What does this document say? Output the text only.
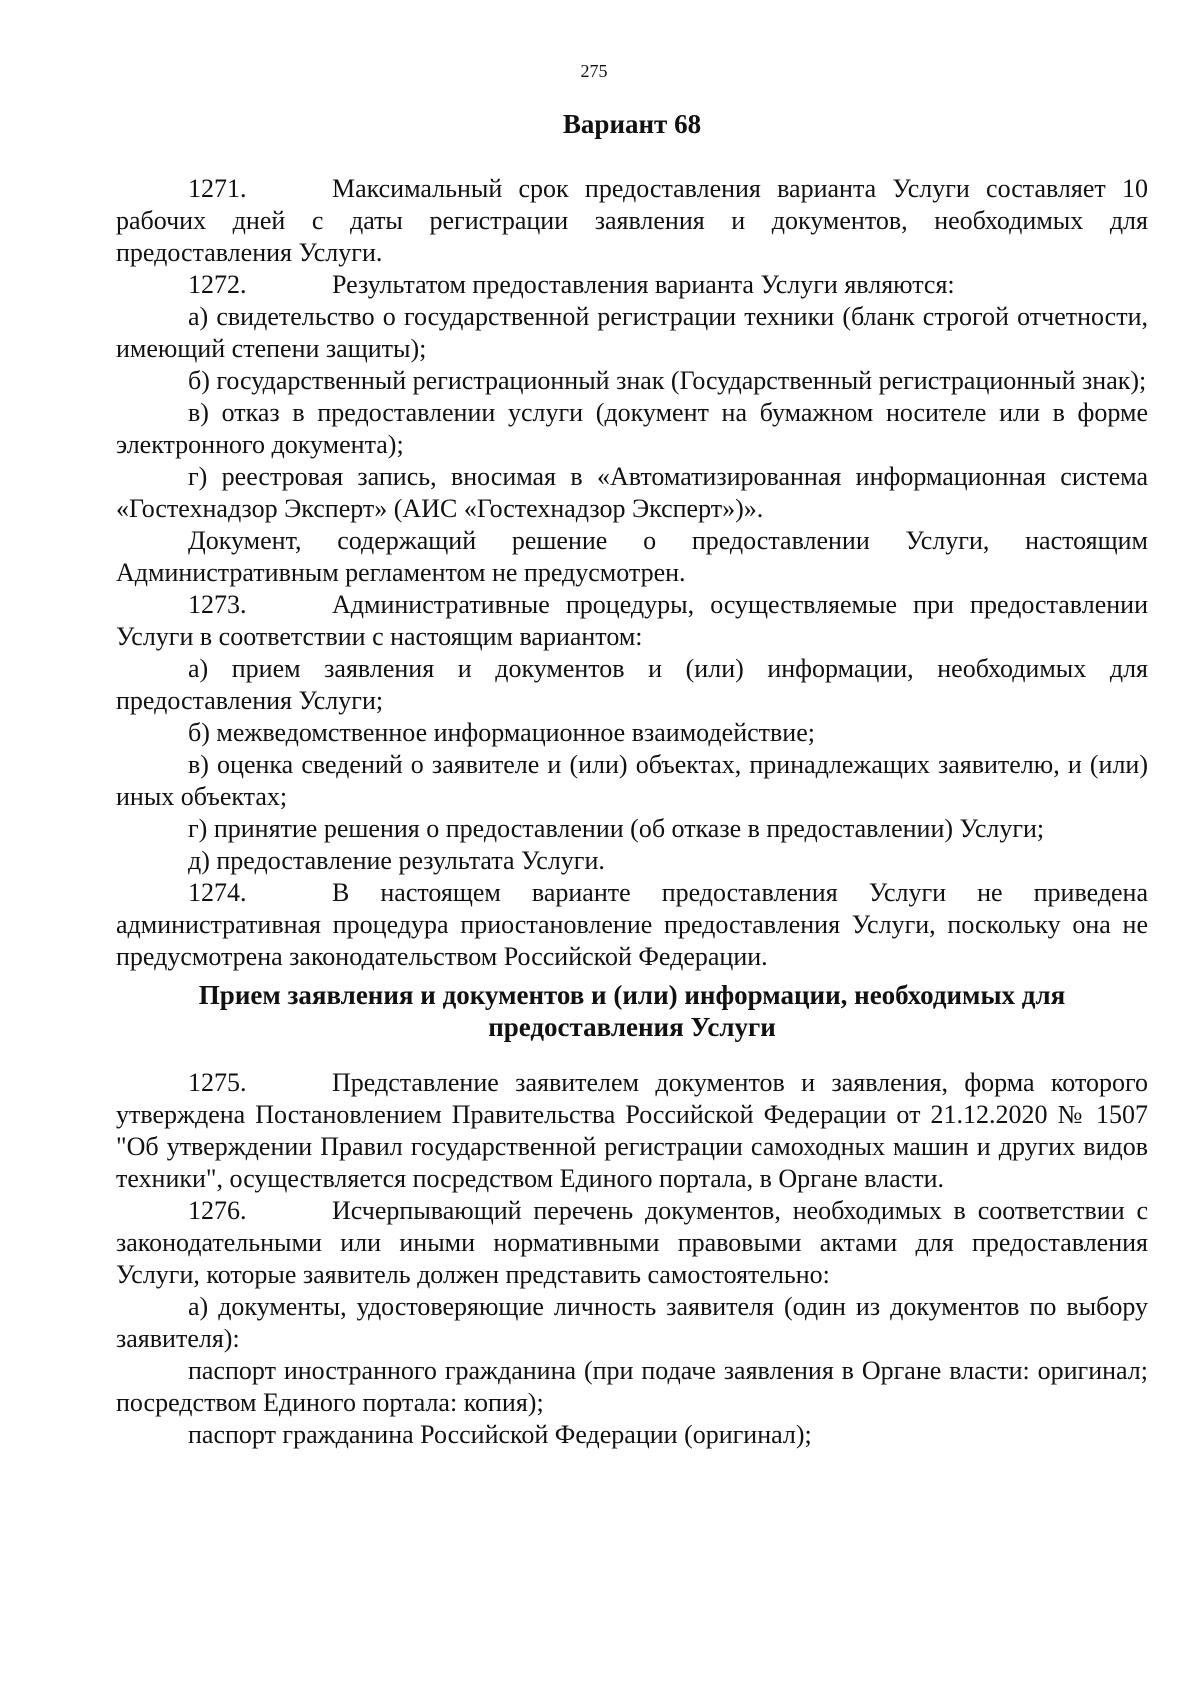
275
Вариант 68

1271.	Максимальный срок предоставления варианта Услуги составляет 10 рабочих дней с даты регистрации заявления и документов, необходимых для предоставления Услуги.

1272.	Результатом предоставления варианта Услуги являются:

а) свидетельство о государственной регистрации техники (бланк строгой отчетности, имеющий степени защиты);

б) государственный регистрационный знак (Государственный регистрационный знак);

в) отказ в предоставлении услуги (документ на бумажном носителе или в форме электронного документа);

г) реестровая запись, вносимая в «Автоматизированная информационная система «Гостехнадзор Эксперт» (АИС «Гостехнадзор Эксперт»)».

Документ, содержащий решение о предоставлении Услуги, настоящим Административным регламентом не предусмотрен.

1273.	Административные процедуры, осуществляемые при предоставлении Услуги в соответствии с настоящим вариантом:

а) прием заявления и документов и (или) информации, необходимых для предоставления Услуги;

б) межведомственное информационное взаимодействие;

в) оценка сведений о заявителе и (или) объектах, принадлежащих заявителю, и (или) иных объектах;

г) принятие решения о предоставлении (об отказе в предоставлении) Услуги;

д) предоставление результата Услуги.

1274.	В настоящем варианте предоставления Услуги не приведена административная процедура приостановление предоставления Услуги, поскольку она не предусмотрена законодательством Российской Федерации.

Прием заявления и документов и (или) информации, необходимых для
предоставления Услуги

1275.	Представление заявителем документов и заявления, форма которого утверждена Постановлением Правительства Российской Федерации от 21.12.2020 № 1507 "Об утверждении Правил государственной регистрации самоходных машин и других видов техники", осуществляется посредством Единого портала, в Органе власти.

1276.	Исчерпывающий перечень документов, необходимых в соответствии с законодательными или иными нормативными правовыми актами для предоставления Услуги, которые заявитель должен представить самостоятельно:

а) документы, удостоверяющие личность заявителя (один из документов по выбору заявителя):

паспорт иностранного гражданина (при подаче заявления в Органе власти: оригинал; посредством Единого портала: копия);

паспорт гражданина Российской Федерации (оригинал);
